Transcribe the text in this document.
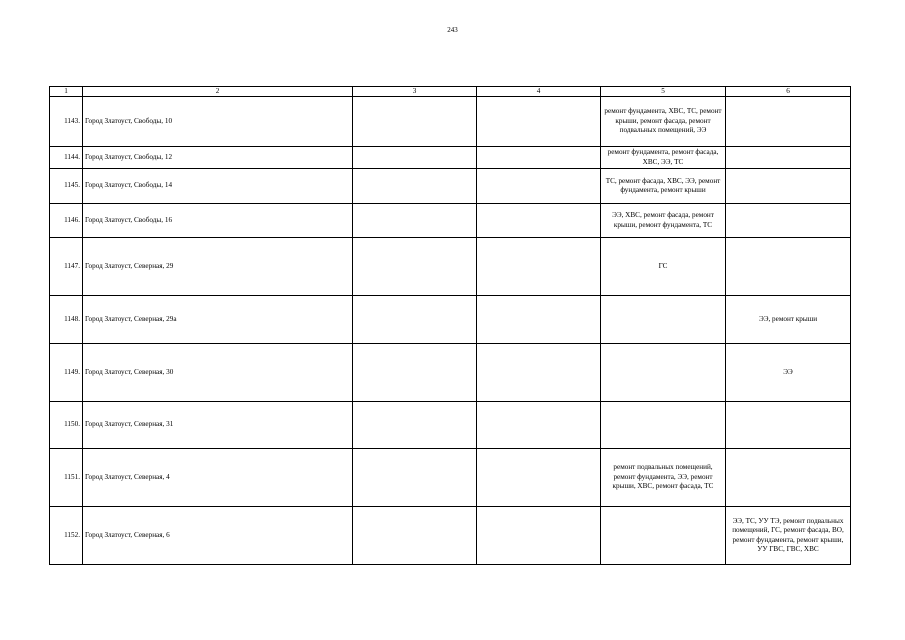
243
1	2	3	4	5	6
1143.	Город Златоуст, Свободы, 10			ремонт фундамента, ХВС, ТС, ремонт крыши, ремонт фасада, ремонт подвальных помещений, ЭЭ	
1144.	Город Златоуст, Свободы, 12			ремонт фундамента, ремонт фасада, ХВС, ЭЭ, ТС	
1145.	Город Златоуст, Свободы, 14			ТС, ремонт фасада, ХВС, ЭЭ, ремонт фундамента, ремонт крыши	
1146.	Город Златоуст, Свободы, 16			ЭЭ, ХВС, ремонт фасада, ремонт крыши, ремонт фундамента, ТС	
1147.	Город Златоуст, Северная, 29			ГС	
1148.	Город Златоуст, Северная, 29а				ЭЭ, ремонт крыши
1149.	Город Златоуст, Северная, 30				ЭЭ
1150.	Город Златоуст, Северная, 31				
1151.	Город Златоуст, Северная, 4			ремонт подвальных помещений, ремонт фундамента, ЭЭ, ремонт крыши, ХВС, ремонт фасада, ТС	
1152.	Город Златоуст, Северная, 6				ЭЭ, ТС, УУ ТЭ, ремонт подвальных помещений, ГС, ремонт фасада, ВО, ремонт фундамента, ремонт крыши, УУ ГВС, ГВС, ХВС
